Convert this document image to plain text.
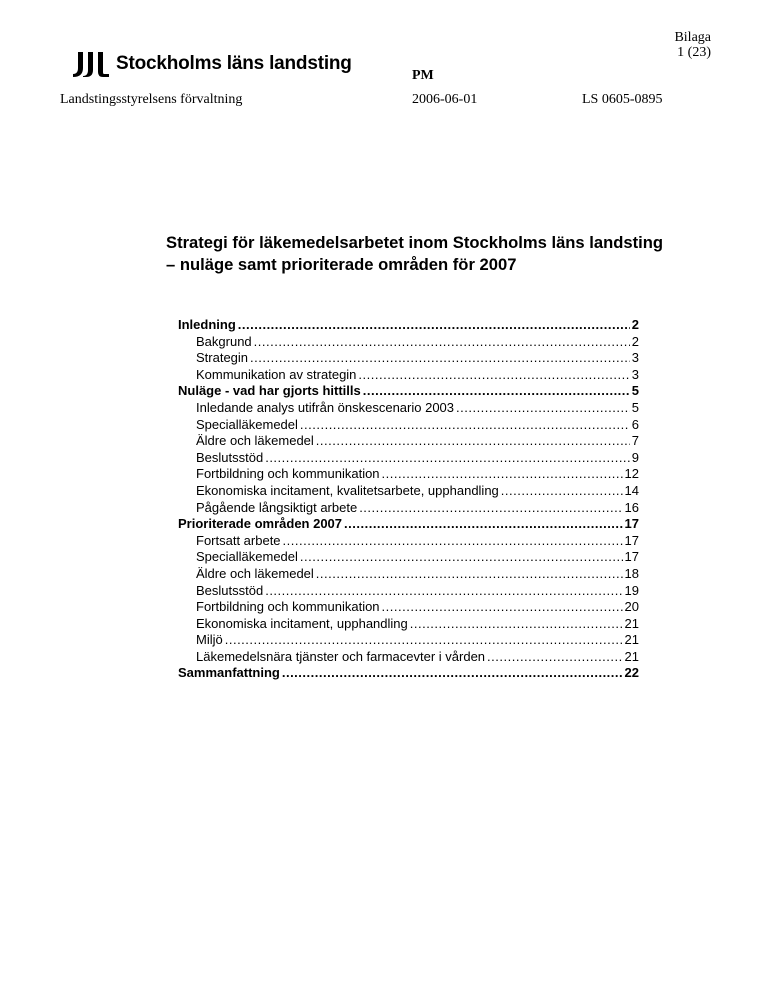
Bilaga
1 (23)
Stockholms läns landsting
PM
Landstingsstyrelsens förvaltning	2006-06-01	LS 0605-0895
Strategi för läkemedelsarbetet inom Stockholms läns landsting – nuläge samt prioriterade områden för 2007
Inledning .....	2
Bakgrund .....	2
Strategin .....	3
Kommunikation av strategin .....	3
Nuläge - vad har gjorts hittills .....	5
Inledande analys utifrån önskescenario 2003 .....	5
Specialläkemedel .....	6
Äldre och läkemedel .....	7
Beslutsstöd .....	9
Fortbildning och kommunikation .....	12
Ekonomiska incitament, kvalitetsarbete, upphandling .....	14
Pågående långsiktigt arbete .....	16
Prioriterade områden 2007 .....	17
Fortsatt arbete .....	17
Specialläkemedel .....	17
Äldre och läkemedel .....	18
Beslutsstöd .....	19
Fortbildning och kommunikation .....	20
Ekonomiska incitament, upphandling .....	21
Miljö .....	21
Läkemedelsnära tjänster och farmacevter i vården .....	21
Sammanfattning .....	22
